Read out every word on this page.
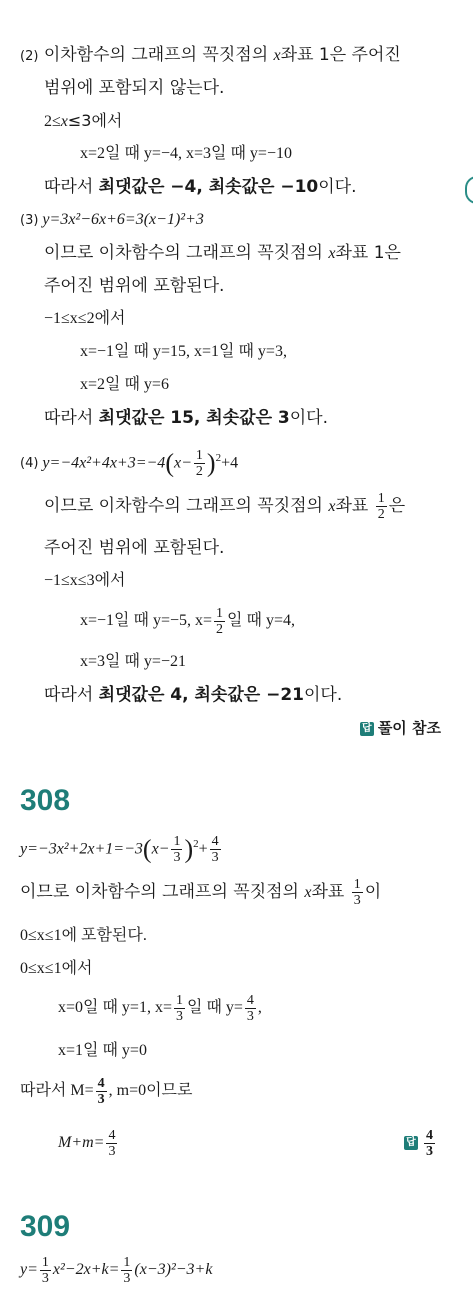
(2) 이차함수의 그래프의 꼭짓점의 x좌표 1은 주어진
범위에 포함되지 않는다.
2≤x≤3에서
x=2일 때 y=−4, x=3일 때 y=−10
따라서 최댓값은 −4, 최솟값은 −10이다.
(3) y=3x²−6x+6=3(x−1)²+3
이므로 이차함수의 그래프의 꼭짓점의 x좌표 1은
주어진 범위에 포함된다.
−1≤x≤2에서
x=−1일 때 y=15, x=1일 때 y=3,
x=2일 때 y=6
따라서 최댓값은 15, 최솟값은 3이다.
(4) $y=-4x^2+4x+3=-4(x- \frac{1}{2} )^2+4$
이므로 이차함수의 그래프의 꼭짓점의 x좌표 $\frac{1}{2}$ 은
주어진 범위에 포함된다.
−1≤x≤3에서
x=−1일 때 y=−5, $x= \frac{1}{2}$ 일 때 y=4,
x=3일 때 y=−21
따라서 최댓값은 4, 최솟값은 −21이다.
답 풀이 참조
308
$y=-3x^2+2x+1=-3(x- \frac{1}{3} )^2+ \frac{4}{3}$
이므로 이차함수의 그래프의 꼭짓점의 x좌표 $\frac{1}{3}$ 이
0≤x≤1에 포함된다.
0≤x≤1에서
x=0일 때 y=1, $x= \frac{1}{3}$ 일 때 $y= \frac{4}{3}$ ,
x=1일 때 y=0
따라서 $M= \frac{4}{3}$ , m=0이므로
$M+m= \frac{4}{3}$	답 $\frac{4}{3}$
309
$y= \frac{1}{3} x^2-2x+k= \frac{1}{3} (x-3)^2-3+k$
